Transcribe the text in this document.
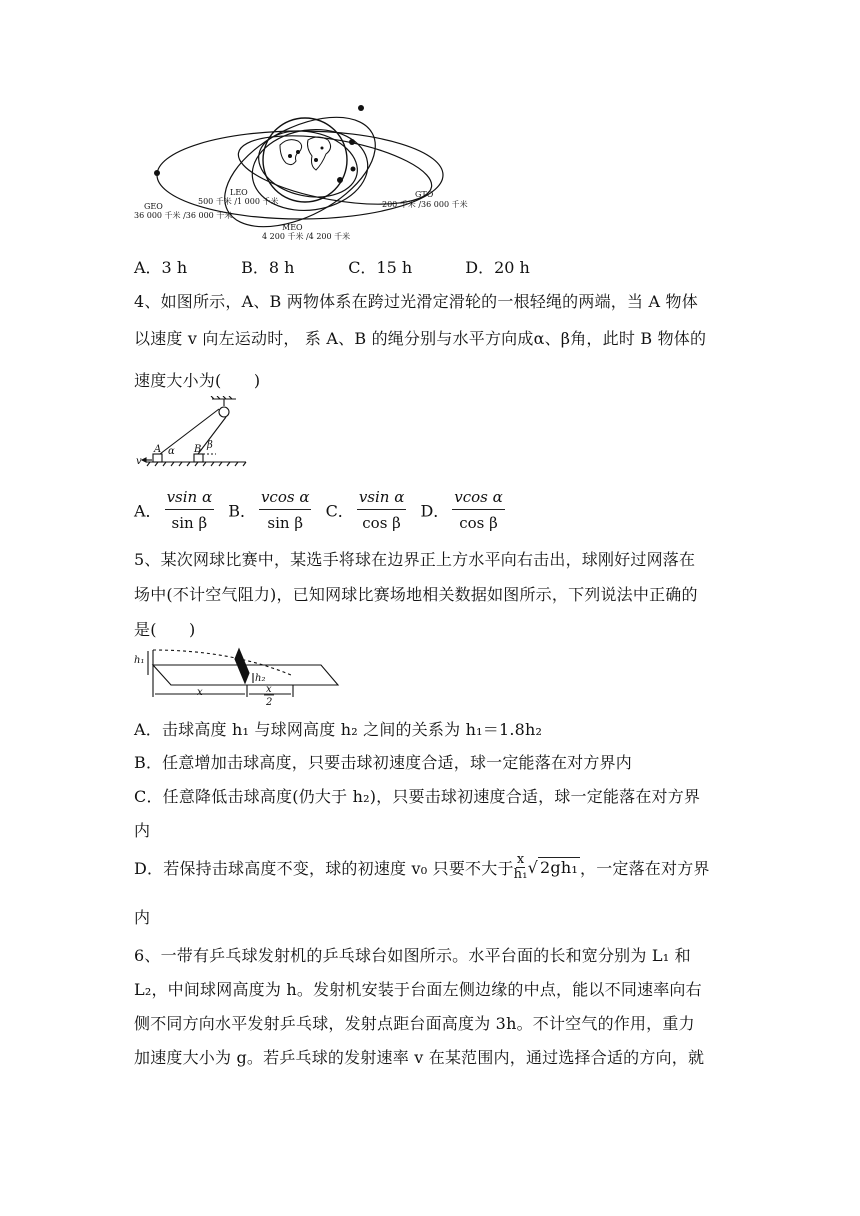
GEO
36 000 千米 /36 000 千米
LEO
500 千米 /1 000 千米
MEO
4 200 千米 /4 200 千米
GTO
200 千米 /36 000 千米
A．3 h	B．8 h	C．15 h	D．20 h
4、如图所示，A、B 两物体系在跨过光滑定滑轮的一根轻绳的两端，当 A 物体
以速度 v 向左运动时， 系 A、B 的绳分别与水平方向成α、β角，此时 B 物体的
速度大小为(　　)
A α B β
v
A． $\frac{\text{vsin α}}{\text{sin β}}$ B． $\frac{\text{vcos α}}{\text{sin β}}$ C． $\frac{\text{vsin α}}{\text{cos β}}$ D． $\frac{\text{vcos α}}{\text{cos β}}$
5、某次网球比赛中，某选手将球在边界正上方水平向右击出，球刚好过网落在
场中(不计空气阻力)，已知网球比赛场地相关数据如图所示，下列说法中正确的
是(　　)
h₁
h₂
x	x
2
A．击球高度 h₁ 与球网高度 h₂ 之间的关系为 h₁＝1.8h₂
B．任意增加击球高度，只要击球初速度合适，球一定能落在对方界内
C．任意降低击球高度(仍大于 h₂)，只要击球初速度合适，球一定能落在对方界
内
D．若保持击球高度不变，球的初速度 v₀ 只要不大于 $\frac{x}{\text{h₁}}$ √ 2gh₁ ，一定落在对方界
内
6、一带有乒乓球发射机的乒乓球台如图所示。水平台面的长和宽分别为 L₁ 和
L₂，中间球网高度为 h。发射机安装于台面左侧边缘的中点，能以不同速率向右
侧不同方向水平发射乒乓球，发射点距台面高度为 3h。不计空气的作用，重力
加速度大小为 g。若乒乓球的发射速率 v 在某范围内，通过选择合适的方向，就
